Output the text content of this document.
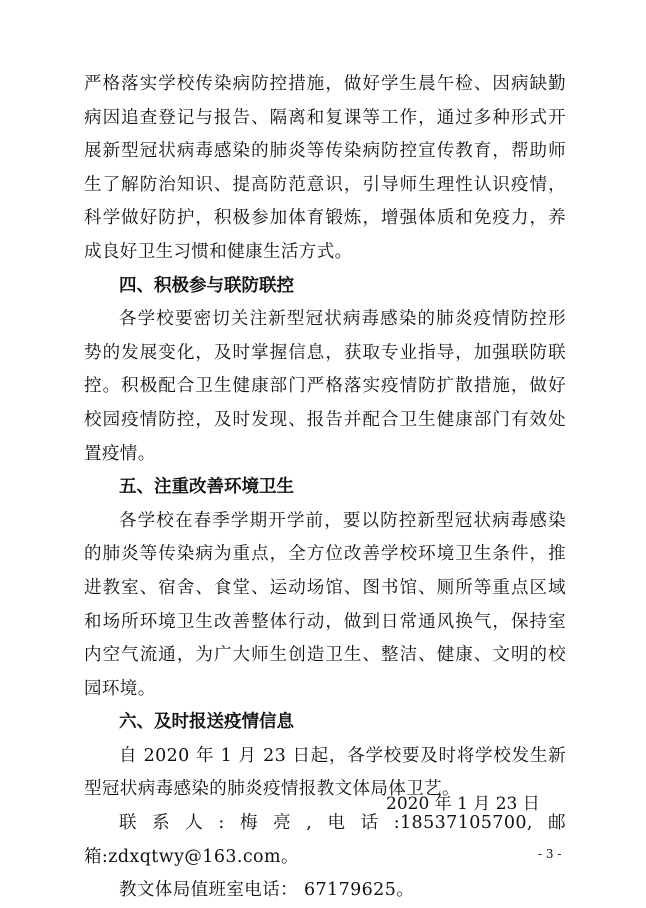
严格落实学校传染病防控措施，做好学生晨午检、因病缺勤病因追查登记与报告、隔离和复课等工作，通过多种形式开展新型冠状病毒感染的肺炎等传染病防控宣传教育，帮助师生了解防治知识、提高防范意识，引导师生理性认识疫情，科学做好防护，积极参加体育锻炼，增强体质和免疫力，养成良好卫生习惯和健康生活方式。

四、积极参与联防联控

各学校要密切关注新型冠状病毒感染的肺炎疫情防控形势的发展变化，及时掌握信息，获取专业指导，加强联防联控。积极配合卫生健康部门严格落实疫情防扩散措施，做好校园疫情防控，及时发现、报告并配合卫生健康部门有效处置疫情。

五、注重改善环境卫生

各学校在春季学期开学前，要以防控新型冠状病毒感染的肺炎等传染病为重点，全方位改善学校环境卫生条件，推进教室、宿舍、食堂、运动场馆、图书馆、厕所等重点区域和场所环境卫生改善整体行动，做到日常通风换气，保持室内空气流通，为广大师生创造卫生、整洁、健康、文明的校园环境。

六、及时报送疫情信息

自 2020 年 1 月 23 日起，各学校要及时将学校发生新型冠状病毒感染的肺炎疫情报教文体局体卫艺。

联系人:梅亮,电话:18537105700,邮箱:zdxqtwy@163.com。

教文体局值班室电话： 67179625。

2020 年 1 月 23 日
- 3 -
